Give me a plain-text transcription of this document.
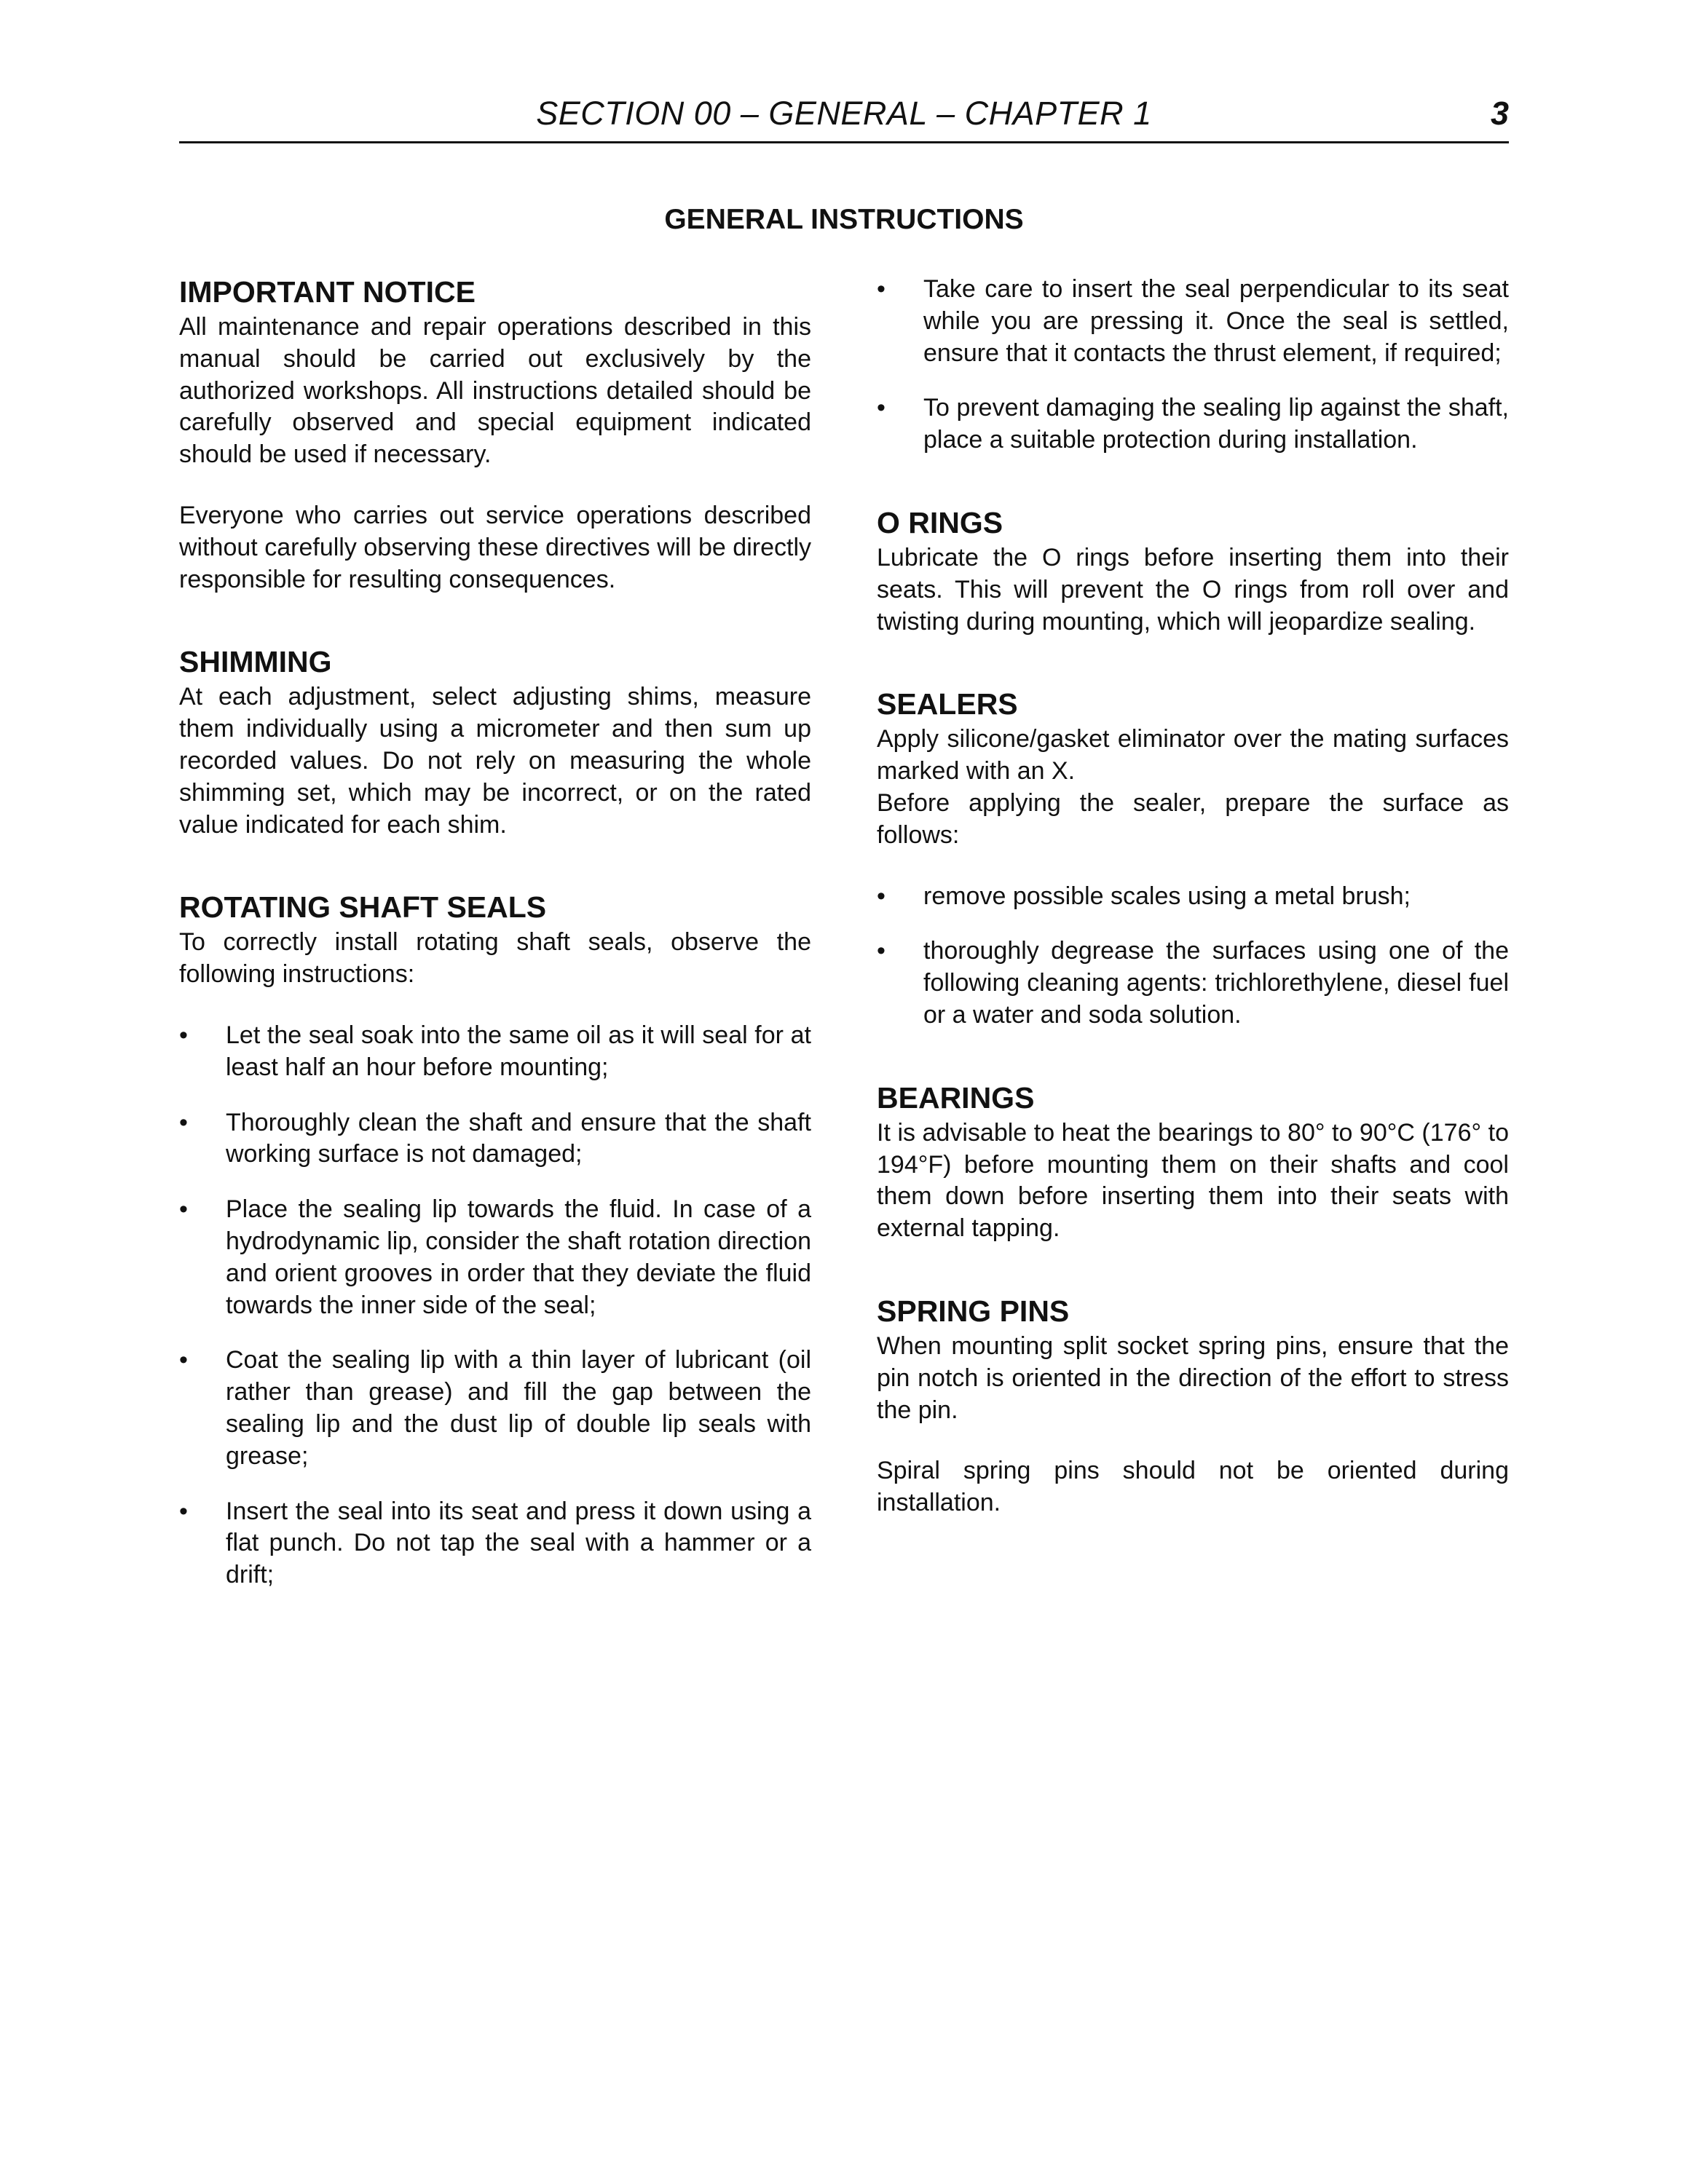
SECTION 00 – GENERAL – CHAPTER 1	3
GENERAL INSTRUCTIONS
IMPORTANT NOTICE

All maintenance and repair operations described in this manual should be carried out exclusively by the authorized workshops. All instructions detailed should be carefully observed and special equipment indicated should be used if necessary.

Everyone who carries out service operations described without carefully observing these directives will be directly responsible for resulting consequences.

SHIMMING

At each adjustment, select adjusting shims, measure them individually using a micrometer and then sum up recorded values. Do not rely on measuring the whole shimming set, which may be incorrect, or on the rated value indicated for each shim.

ROTATING SHAFT SEALS

To correctly install rotating shaft seals, observe the following instructions:

• Let the seal soak into the same oil as it will seal for at least half an hour before mounting;
• Thoroughly clean the shaft and ensure that the shaft working surface is not damaged;
• Place the sealing lip towards the fluid. In case of a hydrodynamic lip, consider the shaft rotation direction and orient grooves in order that they deviate the fluid towards the inner side of the seal;
• Coat the sealing lip with a thin layer of lubricant (oil rather than grease) and fill the gap between the sealing lip and the dust lip of double lip seals with grease;
• Insert the seal into its seat and press it down using a flat punch. Do not tap the seal with a hammer or a drift;
• Take care to insert the seal perpendicular to its seat while you are pressing it. Once the seal is settled, ensure that it contacts the thrust element, if required;
• To prevent damaging the sealing lip against the shaft, place a suitable protection during installation.
O RINGS

Lubricate the O rings before inserting them into their seats. This will prevent the O rings from roll over and twisting during mounting, which will jeopardize sealing.

SEALERS

Apply silicone/gasket eliminator over the mating surfaces marked with an X.

Before applying the sealer, prepare the surface as follows:

• remove possible scales using a metal brush;
• thoroughly degrease the surfaces using one of the following cleaning agents: trichlorethylene, diesel fuel or a water and soda solution.
BEARINGS

It is advisable to heat the bearings to 80° to 90°C (176° to 194°F) before mounting them on their shafts and cool them down before inserting them into their seats with external tapping.

SPRING PINS

When mounting split socket spring pins, ensure that the pin notch is oriented in the direction of the effort to stress the pin.

Spiral spring pins should not be oriented during installation.
